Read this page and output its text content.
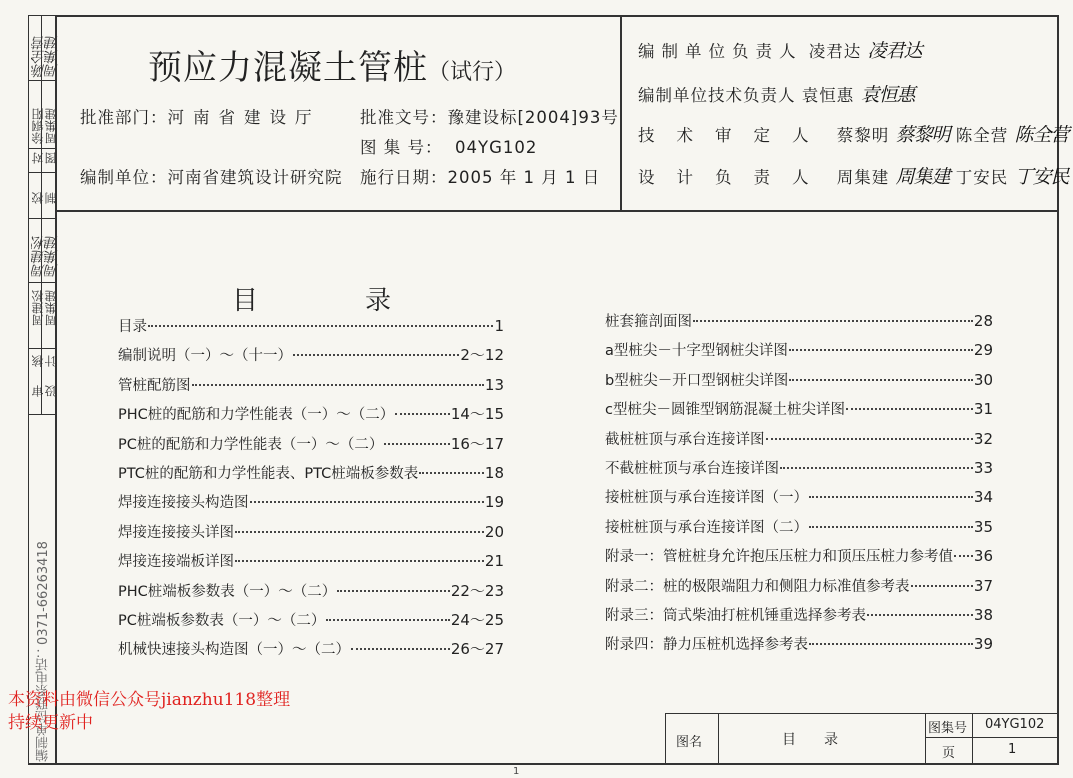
陈全营
周集建
徐钢阳 周集建
对 图
校 制
周建松
周集建
周建松 周集建
审 设
核 计
编制单位联系电话：0371-66263418
预应力混凝土管桩（试行）
批准部门：河南省建设厅 批准文号：豫建设标[2004]93号
图 集 号： 04YG102
编制单位：河南省建筑设计研究院 施行日期：2005 年 1 月 1 日
编制单位负责人 凌君达 凌君达
编制单位技术负责人 袁恒惠 袁恒惠
技术审定人 蔡黎明 蔡黎明 陈全营 陈全营
设计负责人 周集建 周集建 丁安民 丁安民
目	录
目录	1
编制说明（一）～（十一）	2～12
管桩配筋图	13
PHC桩的配筋和力学性能表（一）～（二）	14～15
PC桩的配筋和力学性能表（一）～（二）	16～17
PTC桩的配筋和力学性能表、PTC桩端板参数表	18
焊接连接接头构造图	19
焊接连接接头详图	20
焊接连接端板详图	21
PHC桩端板参数表（一）～（二）	22～23
PC桩端板参数表（一）～（二）	24～25
机械快速接头构造图（一）～（二）	26～27
桩套箍剖面图	28
a型桩尖－十字型钢桩尖详图	29
b型桩尖－开口型钢桩尖详图	30
c型桩尖－圆锥型钢筋混凝土桩尖详图	31
截桩桩顶与承台连接详图	32
不截桩桩顶与承台连接详图	33
接桩桩顶与承台连接详图（一）	34
接桩桩顶与承台连接详图（二）	35
附录一：管桩桩身允许抱压压桩力和顶压压桩力参考值 36
附录二：桩的极限端阻力和侧阻力标准值参考表	37
附录三：筒式柴油打桩机锤重选择参考表	38
附录四：静力压桩机选择参考表	39
图名	目　　录
图集号 04YG102
页	1
1
本资料由微信公众号jianzhu118整理
持续更新中
